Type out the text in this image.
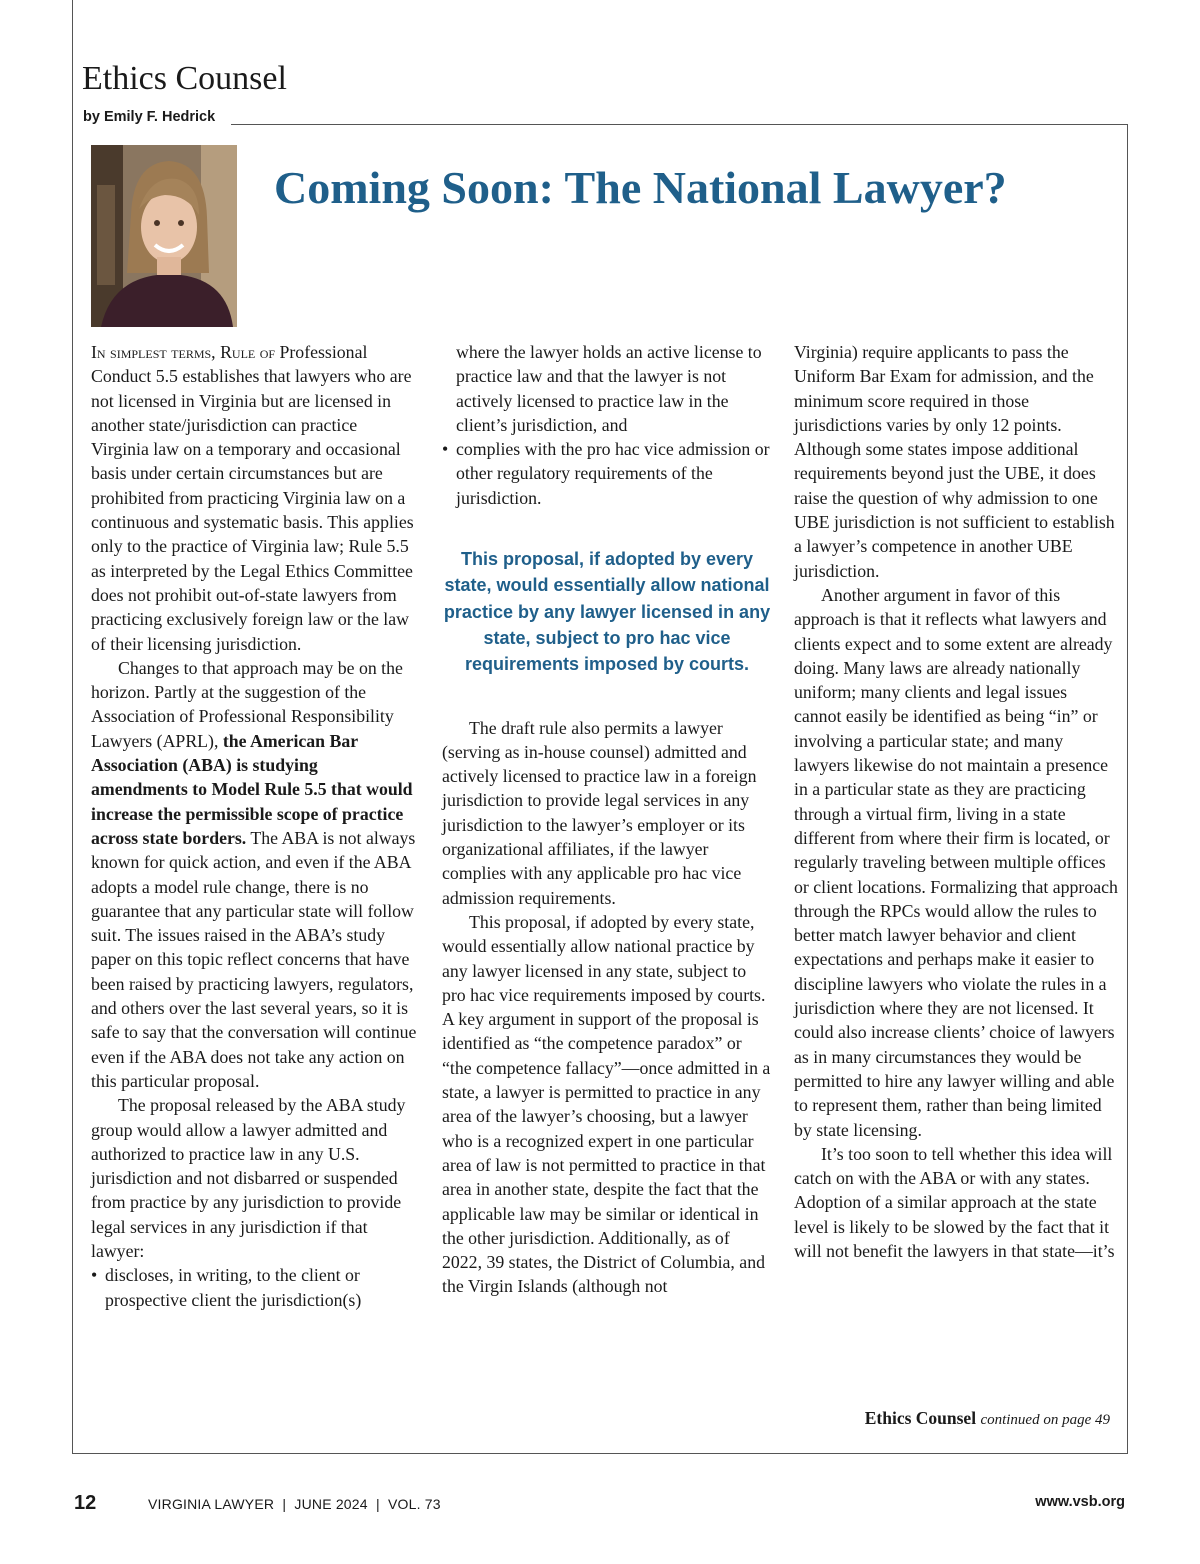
Ethics Counsel
by Emily F. Hedrick
Coming Soon: The National Lawyer?

In simplest terms, Rule of Professional Conduct 5.5 establishes that lawyers who are not licensed in Virginia but are licensed in another state/jurisdiction can practice Virginia law on a temporary and occasional basis under certain circumstances but are prohibited from practicing Virginia law on a continuous and systematic basis. This applies only to the practice of Virginia law; Rule 5.5 as interpreted by the Legal Ethics Committee does not prohibit out-of-state lawyers from practicing exclusively foreign law or the law of their licensing jurisdiction.

Changes to that approach may be on the horizon. Partly at the suggestion of the Association of Professional Responsibility Lawyers (APRL), the American Bar Association (ABA) is studying amendments to Model Rule 5.5 that would increase the permissible scope of practice across state borders. The ABA is not always known for quick action, and even if the ABA adopts a model rule change, there is no guarantee that any particular state will follow suit. The issues raised in the ABA’s study paper on this topic reflect concerns that have been raised by practicing lawyers, regulators, and others over the last several years, so it is safe to say that the conversation will continue even if the ABA does not take any action on this particular proposal.

The proposal released by the ABA study group would allow a lawyer admitted and authorized to practice law in any U.S. jurisdiction and not disbarred or suspended from practice by any jurisdiction to provide legal services in any jurisdiction if that lawyer:

• discloses, in writing, to the client or prospective client the jurisdiction(s)
where the lawyer holds an active license to practice law and that the lawyer is not actively licensed to practice law in the client’s jurisdiction, and
• complies with the pro hac vice admission or other regulatory requirements of the jurisdiction.
This proposal, if adopted by every state, would essentially allow national practice by any lawyer licensed in any state, subject to pro hac vice requirements imposed by courts.

The draft rule also permits a lawyer (serving as in-house counsel) admitted and actively licensed to practice law in a foreign jurisdiction to provide legal services in any jurisdiction to the lawyer’s employer or its organizational affiliates, if the lawyer complies with any applicable pro hac vice admission requirements.

This proposal, if adopted by every state, would essentially allow national practice by any lawyer licensed in any state, subject to pro hac vice requirements imposed by courts. A key argument in support of the proposal is identified as “the competence paradox” or “the competence fallacy”—once admitted in a state, a lawyer is permitted to practice in any area of the lawyer’s choosing, but a lawyer who is a recognized expert in one particular area of law is not permitted to practice in that area in another state, despite the fact that the applicable law may be similar or identical in the other jurisdiction. Additionally, as of 2022, 39 states, the District of Columbia, and the Virgin Islands (although not

Virginia) require applicants to pass the Uniform Bar Exam for admission, and the minimum score required in those jurisdictions varies by only 12 points. Although some states impose additional requirements beyond just the UBE, it does raise the question of why admission to one UBE jurisdiction is not sufficient to establish a lawyer’s competence in another UBE jurisdiction.

Another argument in favor of this approach is that it reflects what lawyers and clients expect and to some extent are already doing. Many laws are already nationally uniform; many clients and legal issues cannot easily be identified as being “in” or involving a particular state; and many lawyers likewise do not maintain a presence in a particular state as they are practicing through a virtual firm, living in a state different from where their firm is located, or regularly traveling between multiple offices or client locations. Formalizing that approach through the RPCs would allow the rules to better match lawyer behavior and client expectations and perhaps make it easier to discipline lawyers who violate the rules in a jurisdiction where they are not licensed. It could also increase clients’ choice of lawyers as in many circumstances they would be permitted to hire any lawyer willing and able to represent them, rather than being limited by state licensing.

It’s too soon to tell whether this idea will catch on with the ABA or with any states. Adoption of a similar approach at the state level is likely to be slowed by the fact that it will not benefit the lawyers in that state—it’s

Ethics Counsel continued on page 49
12	VIRGINIA LAWYER  |  JUNE 2024  |  VOL. 73	www.vsb.org
